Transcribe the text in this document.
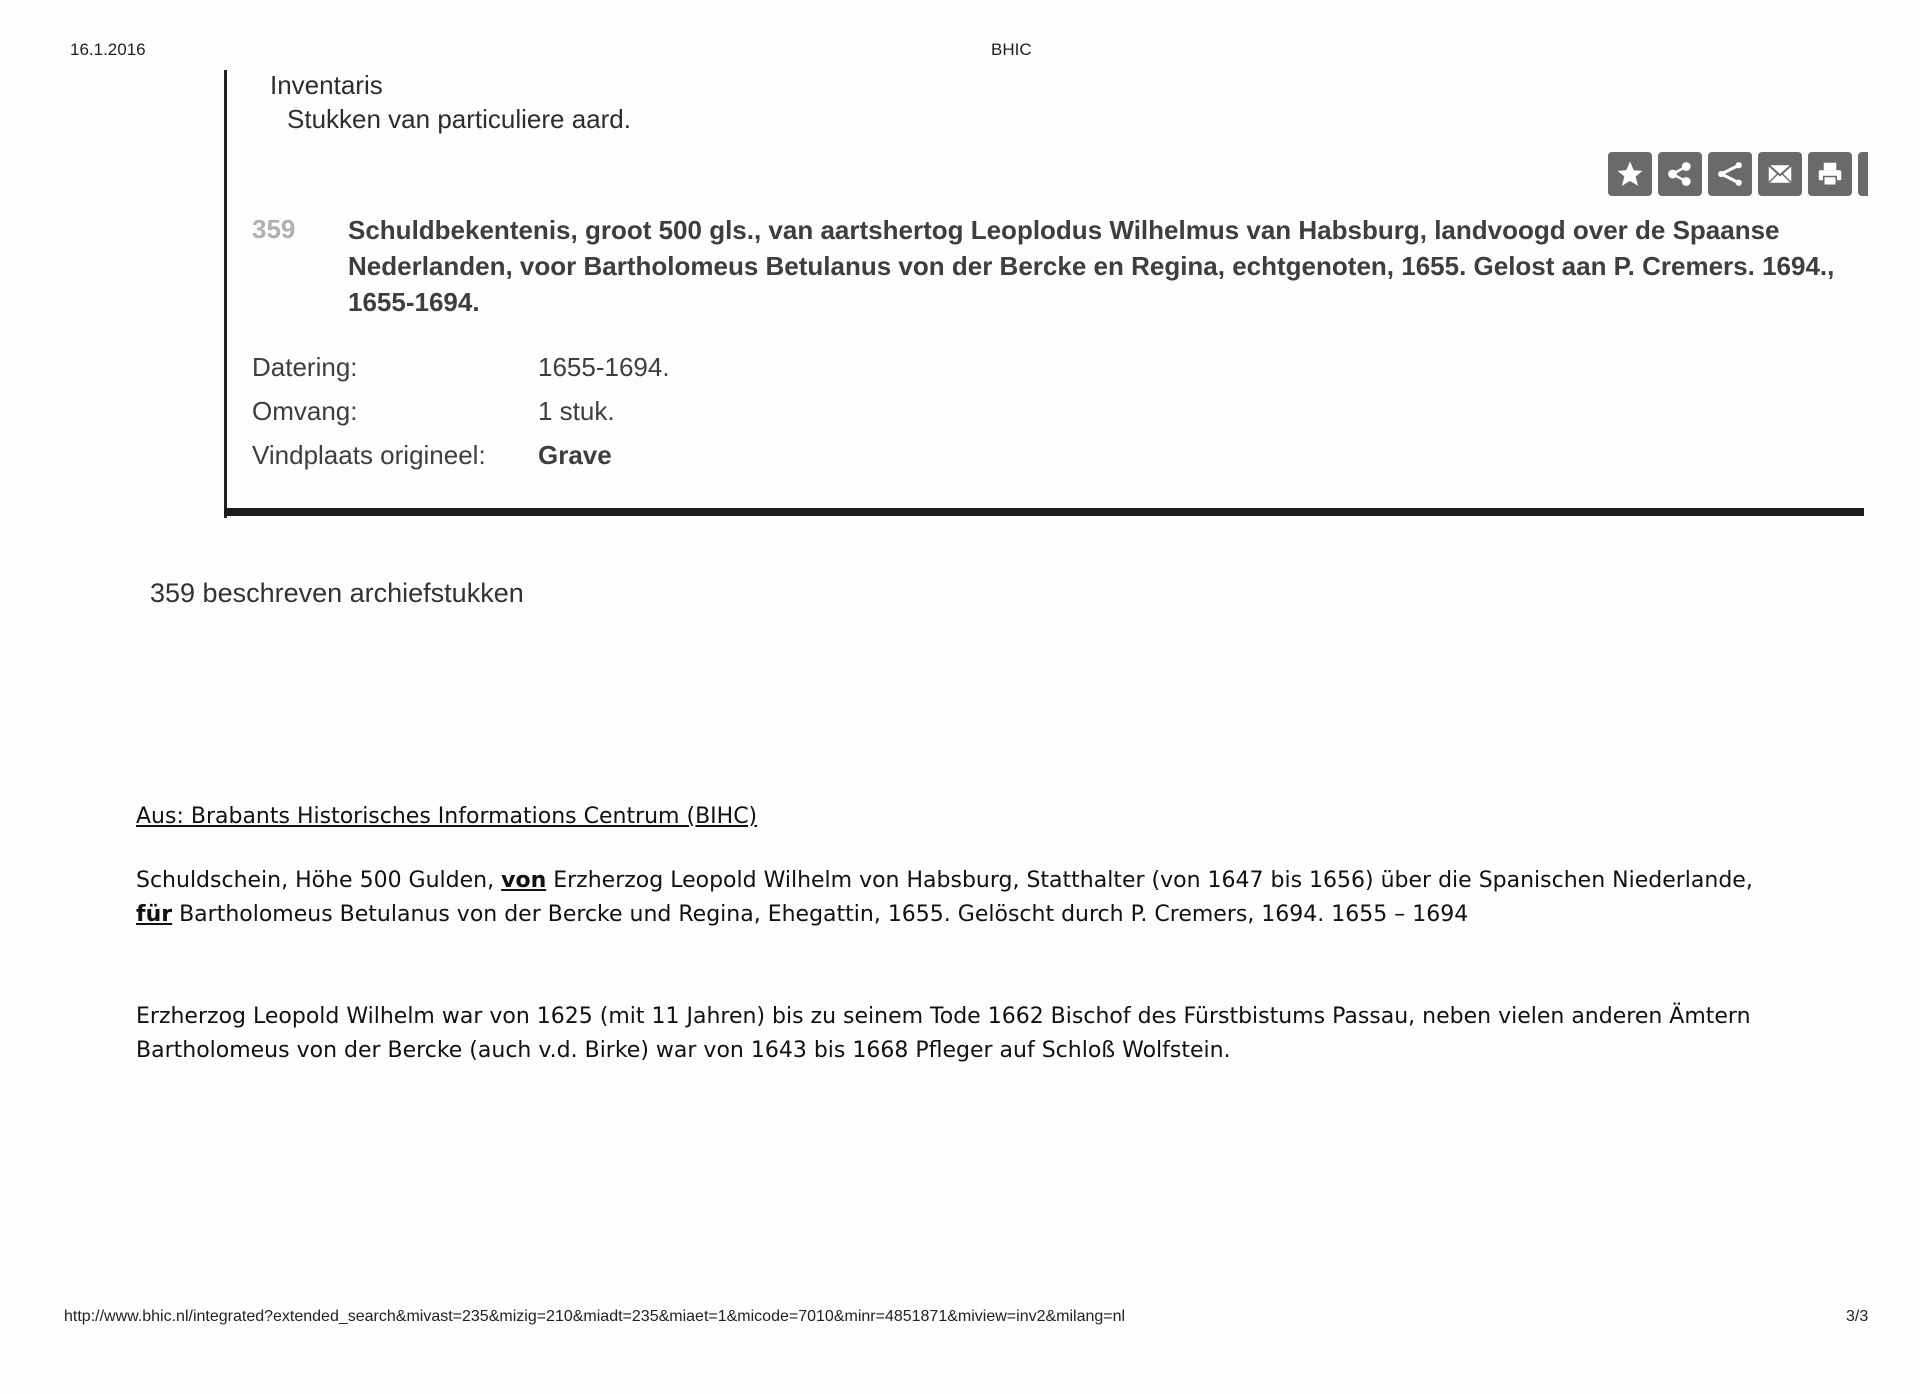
16.1.2016	BHIC
Inventaris
Stukken van particuliere aard.
359 Schuldbekentenis, groot 500 gls., van aartshertog Leoplodus Wilhelmus van Habsburg, landvoogd over de Spaanse Nederlanden, voor Bartholomeus Betulanus von der Bercke en Regina, echtgenoten, 1655. Gelost aan P. Cremers. 1694., 1655-1694.
Datering:	1655-1694.
Omvang:	1 stuk.
Vindplaats origineel: Grave
359 beschreven archiefstukken
Aus: Brabants Historisches Informations Centrum (BIHC)
Schuldschein, Höhe 500 Gulden, von Erzherzog Leopold Wilhelm von Habsburg, Statthalter (von 1647 bis 1656) über die Spanischen Niederlande,
für Bartholomeus Betulanus von der Bercke und Regina, Ehegattin, 1655. Gelöscht durch P. Cremers, 1694. 1655 – 1694
Erzherzog Leopold Wilhelm war von 1625 (mit 11 Jahren) bis zu seinem Tode 1662 Bischof des Fürstbistums Passau, neben vielen anderen Ämtern
Bartholomeus von der Bercke (auch v.d. Birke) war von 1643 bis 1668 Pfleger auf Schloß Wolfstein.
http://www.bhic.nl/integrated?extended_search&mivast=235&mizig=210&miadt=235&miaet=1&micode=7010&minr=4851871&miview=inv2&milang=nl	3/3
